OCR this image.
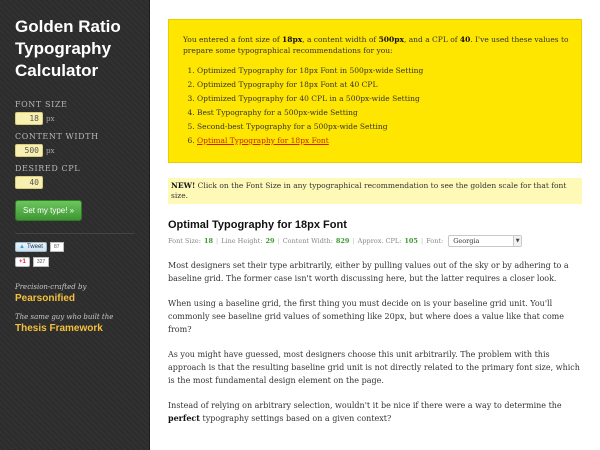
Golden Ratio
Typography
Calculator
FONT SIZE
18	px
CONTENT WIDTH
500	px
DESIRED CPL
40
Set my type! »
▲ Tweet	87
+1	327
Precision-crafted by
Pearsonified
The same guy who built the
Thesis Framework
You entered a font size of 18px, a content width of 500px, and a CPL of 40. I've used these values to prepare some typographical recommendations for you:
1. Optimized Typography for 18px Font in 500px-wide Setting
2. Optimized Typography for 18px Font at 40 CPL
3. Optimized Typography for 40 CPL in a 500px-wide Setting
4. Best Typography for a 500px-wide Setting
5. Second-best Typography for a 500px-wide Setting
6. Optimal Typography for 18px Font
NEW! Click on the Font Size in any typographical recommendation to see the golden scale for that font size.
Optimal Typography for 18px Font
Font Size: 18 | Line Height: 29 | Content Width: 829 | Approx. CPL: 105 | Font: Georgia	▼

Most designers set their type arbitrarily, either by pulling values out of the sky or by adhering to a baseline grid. The former case isn't worth discussing here, but the latter requires a closer look.

When using a baseline grid, the first thing you must decide on is your baseline grid unit. You'll commonly see baseline grid values of something like 20px, but where does a value like that come from?

As you might have guessed, most designers choose this unit arbitrarily. The problem with this approach is that the resulting baseline grid unit is not directly related to the primary font size, which is the most fundamental design element on the page.

Instead of relying on arbitrary selection, wouldn't it be nice if there were a way to determine the perfect typography settings based on a given context?
